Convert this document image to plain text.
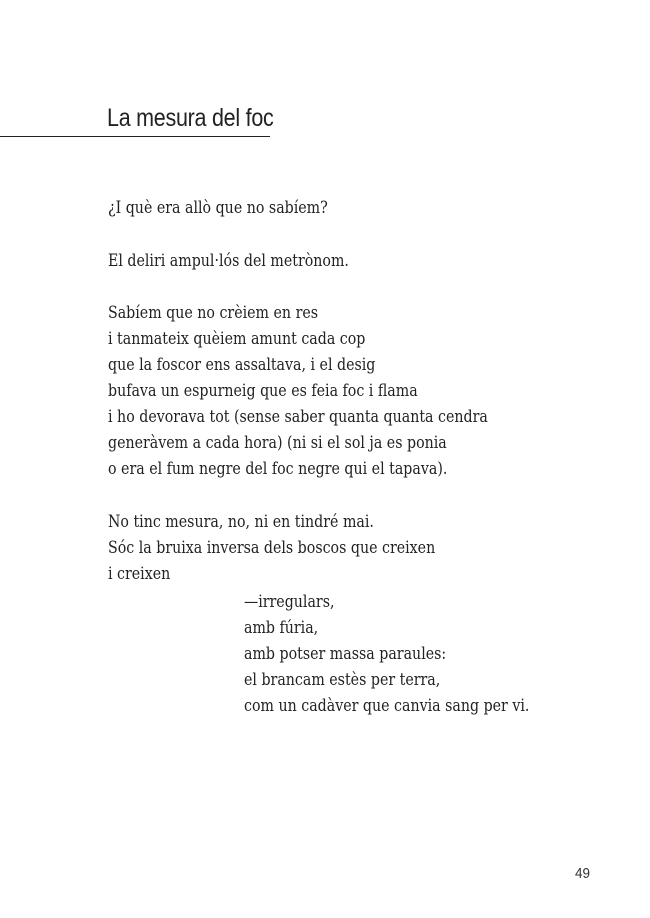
La mesura del foc
¿I què era allò que no sabíem?
El deliri ampul·lós del metrònom.
Sabíem que no crèiem en res
i tanmateix quèiem amunt cada cop
que la foscor ens assaltava, i el desig
bufava un espurneig que es feia foc i flama
i ho devorava tot (sense saber quanta quanta cendra
generàvem a cada hora) (ni si el sol ja es ponia
o era el fum negre del foc negre qui el tapava).
No tinc mesura, no, ni en tindré mai.
Sóc la bruixa inversa dels boscos que creixen
i creixen
—irregulars,
amb fúria,
amb potser massa paraules:
el brancam estès per terra,
com un cadàver que canvia sang per vi.
49
